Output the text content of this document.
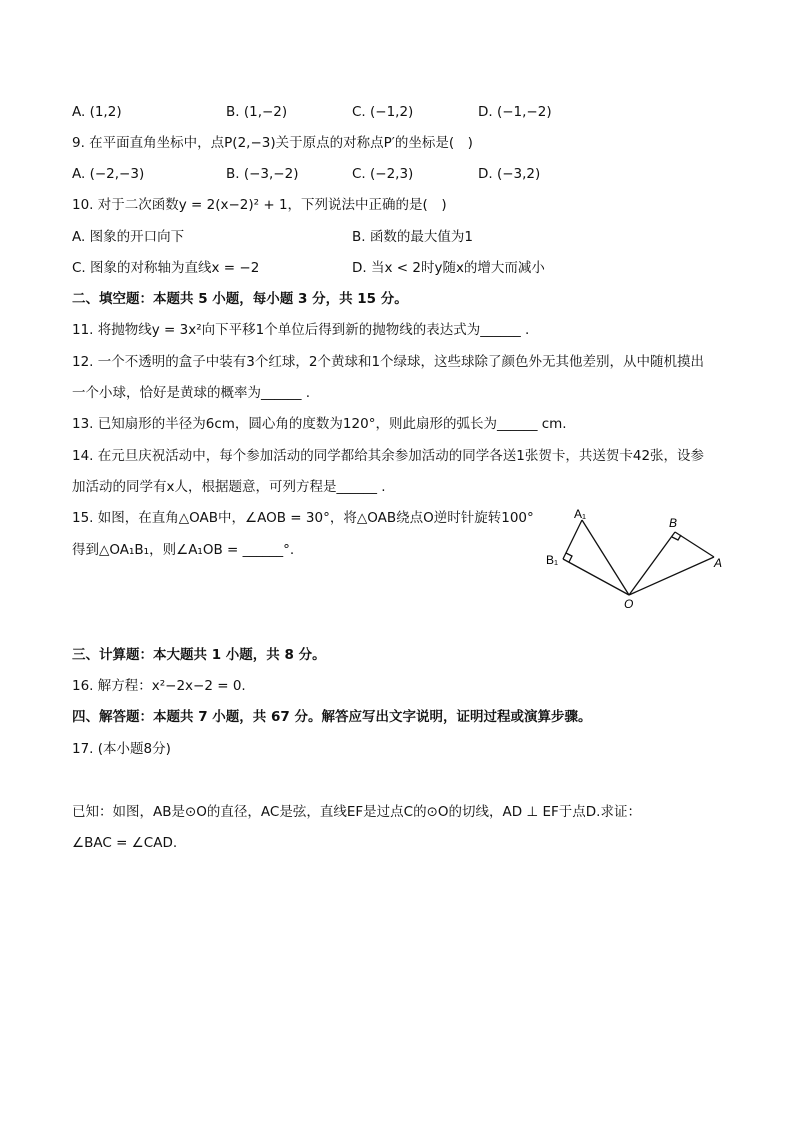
A. (1,2)	B. (1,−2)	C. (−1,2)	D. (−1,−2)
9. 在平面直角坐标中，点P(2,−3)关于原点的对称点P′的坐标是(　)
A. (−2,−3)	B. (−3,−2)	C. (−2,3)	D. (−3,2)
10. 对于二次函数y = 2(x−2)² + 1，下列说法中正确的是(　)
A. 图象的开口向下	B. 函数的最大值为1
C. 图象的对称轴为直线x = −2	D. 当x < 2时y随x的增大而减小
二、填空题：本题共 5 小题，每小题 3 分，共 15 分。
11. 将抛物线y = 3x²向下平移1个单位后得到新的抛物线的表达式为______ .
12. 一个不透明的盒子中装有3个红球，2个黄球和1个绿球，这些球除了颜色外无其他差别，从中随机摸出
一个小球，恰好是黄球的概率为______ .
13. 已知扇形的半径为6cm，圆心角的度数为120°，则此扇形的弧长为______ cm.
14. 在元旦庆祝活动中，每个参加活动的同学都给其余参加活动的同学各送1张贺卡，共送贺卡42张，设参
加活动的同学有x人，根据题意，可列方程是______ .
15. 如图，在直角△OAB中，∠AOB = 30°，将△OAB绕点O逆时针旋转100°
得到△OA₁B₁，则∠A₁OB = ______°.
A₁
B₁
B
A
O
三、计算题：本大题共 1 小题，共 8 分。
16. 解方程：x²−2x−2 = 0.
四、解答题：本题共 7 小题，共 67 分。解答应写出文字说明，证明过程或演算步骤。
17. (本小题8分)
已知：如图，AB是⊙O的直径，AC是弦，直线EF是过点C的⊙O的切线，AD ⊥ EF于点D.求证：
∠BAC = ∠CAD.
